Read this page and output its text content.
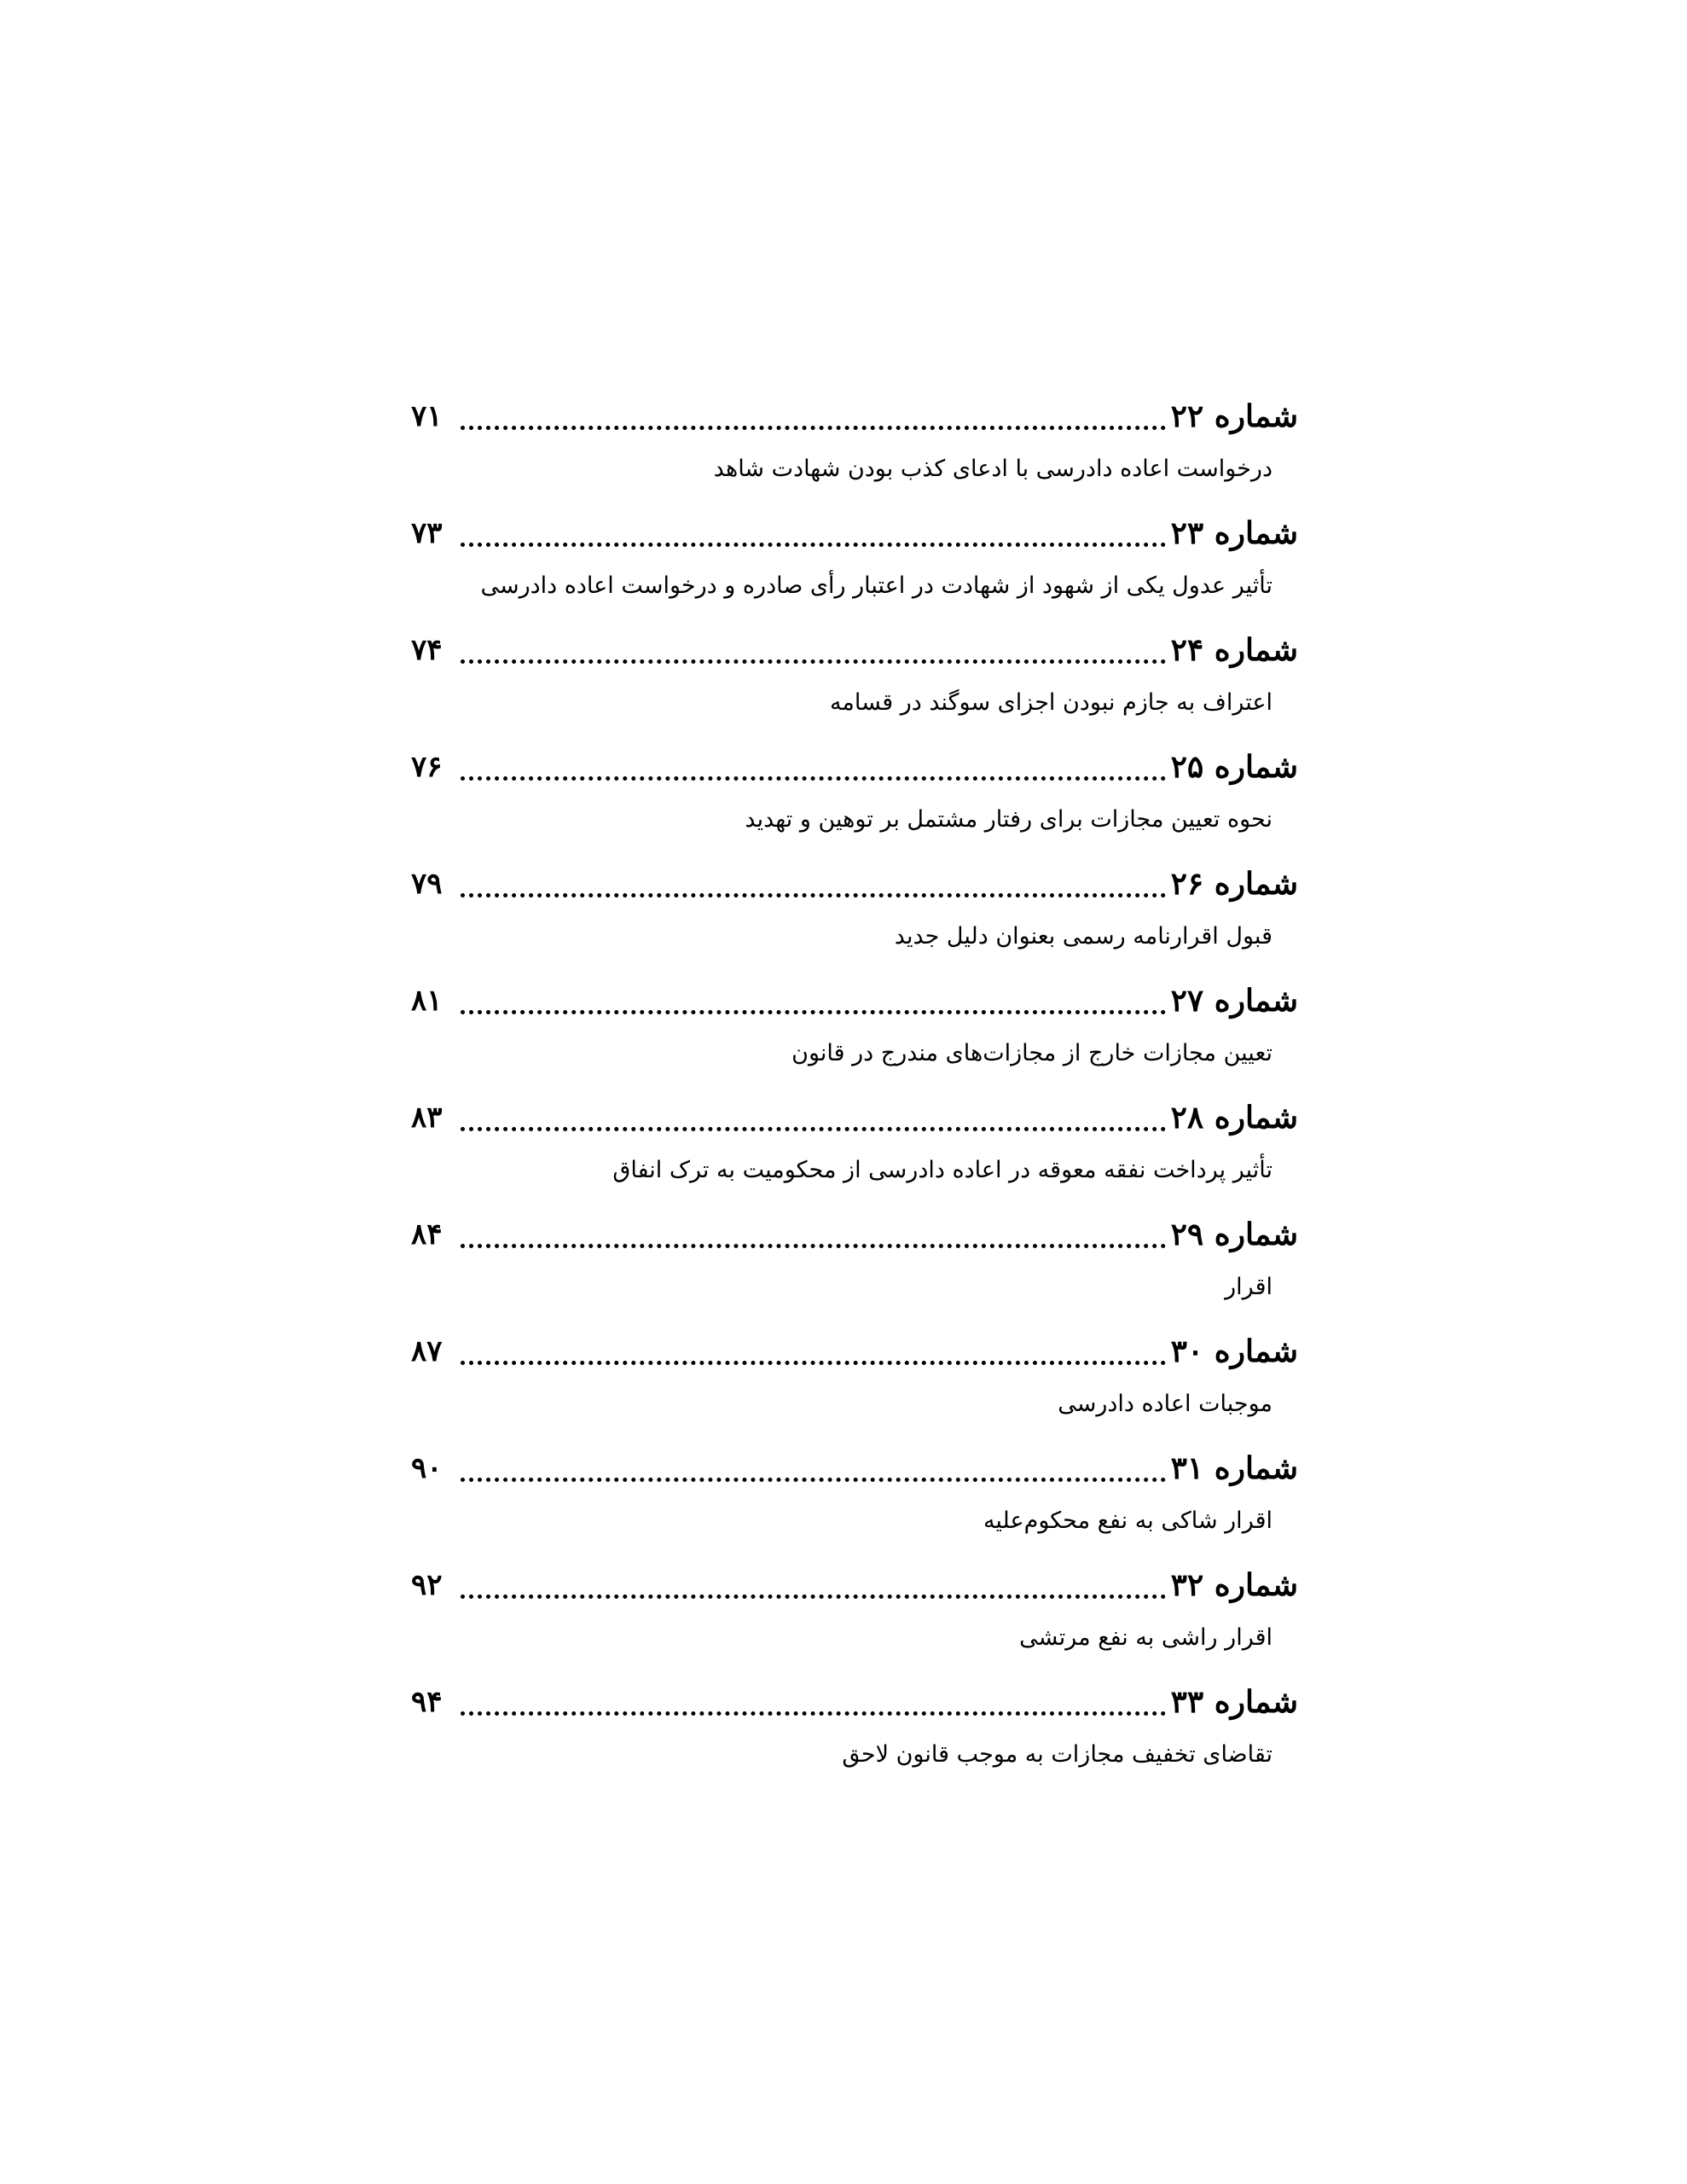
شماره ۲۲
۷۱
درخواست اعاده دادرسی با ادعای کذب بودن شهادت شاهد
شماره ۲۳
۷۳
تأثیر عدول یکی از شهود از شهادت در اعتبار رأی صادره و درخواست اعاده دادرسی
شماره ۲۴
۷۴
اعتراف به جازم نبودن اجزای سوگند در قسامه
شماره ۲۵
۷۶
نحوه تعیین مجازات برای رفتار مشتمل بر توهین و تهدید
شماره ۲۶
۷۹
قبول اقرارنامه رسمی بعنوان دلیل جدید
شماره ۲۷
۸۱
تعیین مجازات خارج از مجازات‌های مندرج در قانون
شماره ۲۸
۸۳
تأثیر پرداخت نفقه معوقه در اعاده دادرسی از محکومیت به ترک انفاق
شماره ۲۹
۸۴
اقرار
شماره ۳۰
۸۷
موجبات اعاده دادرسی
شماره ۳۱
۹۰
اقرار شاکی به نفع محکوم‌علیه
شماره ۳۲
۹۲
اقرار راشی به نفع مرتشی
شماره ۳۳
۹۴
تقاضای تخفیف مجازات به موجب قانون لاحق
